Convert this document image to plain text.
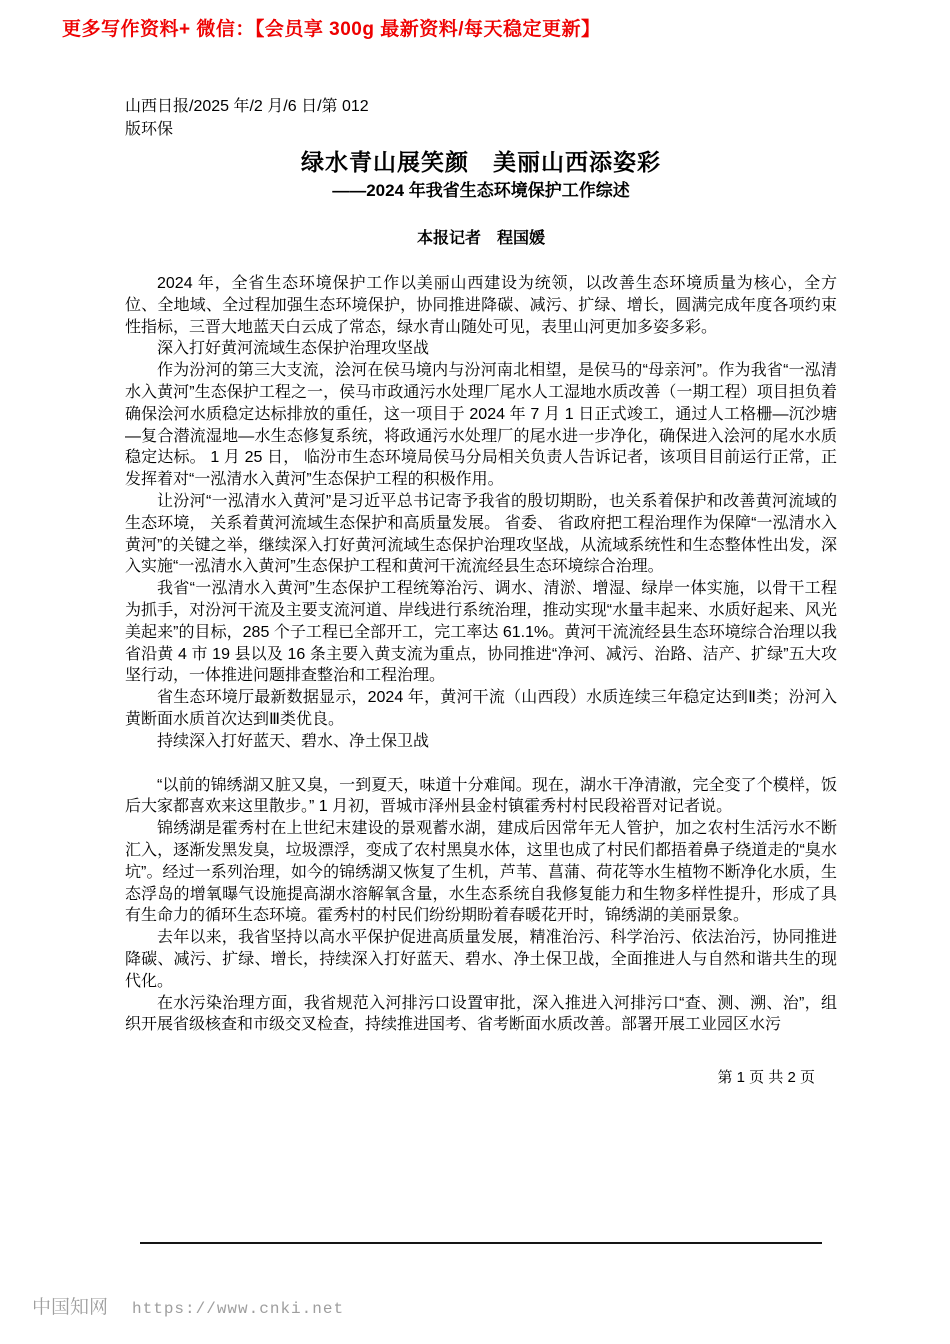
更多写作资料+ 微信：【会员享 300g 最新资料/每天稳定更新】
山西日报/2025 年/2 月/6 日/第 012
版环保
绿水青山展笑颜　美丽山西添姿彩
——2024 年我省生态环境保护工作综述
本报记者　程国媛
2024 年，全省生态环境保护工作以美丽山西建设为统领，以改善生态环境质量为核心，全方位、全地域、全过程加强生态环境保护，协同推进降碳、减污、扩绿、增长，圆满完成年度各项约束性指标，三晋大地蓝天白云成了常态，绿水青山随处可见，表里山河更加多姿多彩。
深入打好黄河流域生态保护治理攻坚战
作为汾河的第三大支流，浍河在侯马境内与汾河南北相望，是侯马的“母亲河”。作为我省“一泓清水入黄河”生态保护工程之一，侯马市政通污水处理厂尾水人工湿地水质改善（一期工程）项目担负着确保浍河水质稳定达标排放的重任，这一项目于 2024 年 7 月 1 日正式竣工，通过人工格栅—沉沙塘—复合潜流湿地—水生态修复系统，将政通污水处理厂的尾水进一步净化，确保进入浍河的尾水水质稳定达标。 1 月 25 日， 临汾市生态环境局侯马分局相关负责人告诉记者，该项目目前运行正常，正发挥着对“一泓清水入黄河”生态保护工程的积极作用。
让汾河“一泓清水入黄河”是习近平总书记寄予我省的殷切期盼，也关系着保护和改善黄河流域的生态环境， 关系着黄河流域生态保护和高质量发展。 省委、 省政府把工程治理作为保障“一泓清水入黄河”的关键之举，继续深入打好黄河流域生态保护治理攻坚战，从流域系统性和生态整体性出发，深入实施“一泓清水入黄河”生态保护工程和黄河干流流经县生态环境综合治理。
我省“一泓清水入黄河”生态保护工程统筹治污、调水、清淤、增湿、绿岸一体实施，以骨干工程为抓手，对汾河干流及主要支流河道、岸线进行系统治理，推动实现“水量丰起来、水质好起来、风光美起来”的目标，285 个子工程已全部开工，完工率达 61.1%。黄河干流流经县生态环境综合治理以我省沿黄 4 市 19 县以及 16 条主要入黄支流为重点，协同推进“净河、减污、治路、洁产、扩绿”五大攻坚行动，一体推进问题排查整治和工程治理。
省生态环境厅最新数据显示，2024 年，黄河干流（山西段）水质连续三年稳定达到Ⅱ类；汾河入黄断面水质首次达到Ⅲ类优良。
持续深入打好蓝天、碧水、净土保卫战
“以前的锦绣湖又脏又臭，一到夏天，味道十分难闻。现在，湖水干净清澈，完全变了个模样，饭后大家都喜欢来这里散步。” 1 月初，晋城市泽州县金村镇霍秀村村民段裕晋对记者说。
锦绣湖是霍秀村在上世纪末建设的景观蓄水湖，建成后因常年无人管护，加之农村生活污水不断汇入，逐渐发黑发臭，垃圾漂浮，变成了农村黑臭水体，这里也成了村民们都捂着鼻子绕道走的“臭水坑”。经过一系列治理，如今的锦绣湖又恢复了生机，芦苇、菖蒲、荷花等水生植物不断净化水质，生态浮岛的增氧曝气设施提高湖水溶解氧含量，水生态系统自我修复能力和生物多样性提升，形成了具有生命力的循环生态环境。霍秀村的村民们纷纷期盼着春暖花开时，锦绣湖的美丽景象。
去年以来，我省坚持以高水平保护促进高质量发展，精准治污、科学治污、依法治污，协同推进降碳、减污、扩绿、增长，持续深入打好蓝天、碧水、净土保卫战，全面推进人与自然和谐共生的现代化。
在水污染治理方面，我省规范入河排污口设置审批，深入推进入河排污口“查、测、溯、治”，组织开展省级核查和市级交叉检查，持续推进国考、省考断面水质改善。部署开展工业园区水污
第 1 页 共 2 页
中国知网 https://www.cnki.net
